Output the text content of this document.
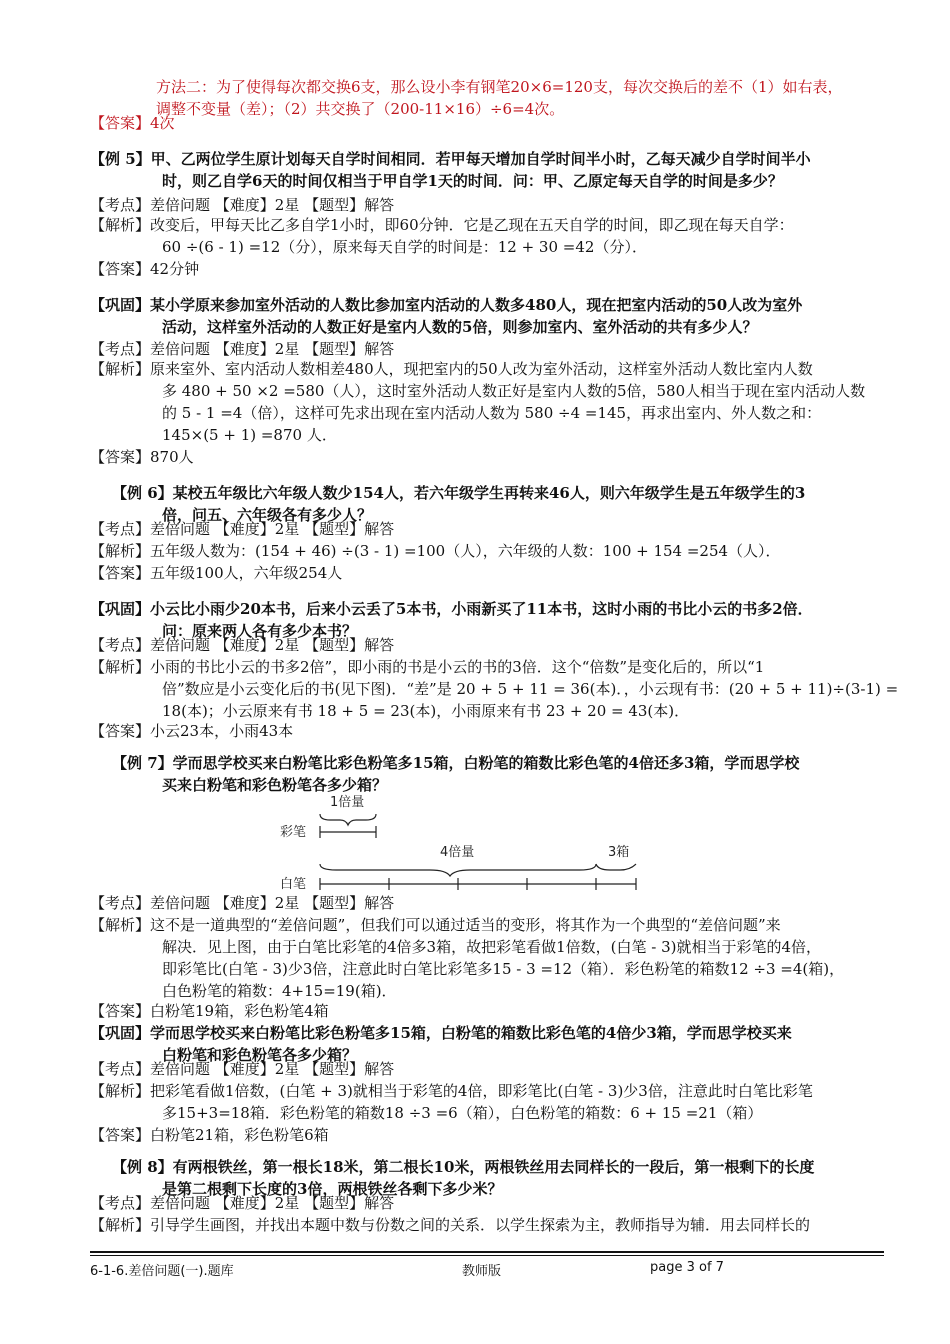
方法二：为了使得每次都交换6支，那么设小李有钢笔20×6=120支，每次交换后的差不（1）如右表，
调整不变量（差）；（2）共交换了（200-11×16）÷6=4次。
【答案】4次
【例 5】甲、乙两位学生原计划每天自学时间相同．若甲每天增加自学时间半小时，乙每天减少自学时间半小
时，则乙自学6天的时间仅相当于甲自学1天的时间．问：甲、乙原定每天自学的时间是多少？
【考点】差倍问题 【难度】2星 【题型】解答
【解析】改变后，甲每天比乙多自学1小时，即60分钟．它是乙现在五天自学的时间，即乙现在每天自学：
60 ÷(6 - 1) =12（分），原来每天自学的时间是：12 + 30 =42（分）．
【答案】42分钟
【巩固】某小学原来参加室外活动的人数比参加室内活动的人数多480人，现在把室内活动的50人改为室外
活动，这样室外活动的人数正好是室内人数的5倍，则参加室内、室外活动的共有多少人？
【考点】差倍问题 【难度】2星 【题型】解答
【解析】原来室外、室内活动人数相差480人，现把室内的50人改为室外活动，这样室外活动人数比室内人数
多 480 + 50 ×2 =580（人），这时室外活动人数正好是室内人数的5倍，580人相当于现在室内活动人数
的 5 - 1 =4（倍），这样可先求出现在室内活动人数为 580 ÷4 =145，再求出室内、外人数之和：
145×(5 + 1) =870 人．
【答案】870人
【例 6】某校五年级比六年级人数少154人，若六年级学生再转来46人，则六年级学生是五年级学生的3
倍，问五、六年级各有多少人？
【考点】差倍问题 【难度】2星 【题型】解答
【解析】五年级人数为：(154 + 46) ÷(3 - 1) =100（人），六年级的人数：100 + 154 =254（人）．
【答案】五年级100人，六年级254人
【巩固】小云比小雨少20本书，后来小云丢了5本书，小雨新买了11本书，这时小雨的书比小云的书多2倍．
问：原来两人各有多少本书？
【考点】差倍问题 【难度】2星 【题型】解答
【解析】小雨的书比小云的书多2倍”，即小雨的书是小云的书的3倍．这个“倍数”是变化后的，所以“1
倍”数应是小云变化后的书(见下图)．“差”是 20 + 5 + 11 = 36(本)．，小云现有书：(20 + 5 + 11)÷(3-1) =
18(本)；小云原来有书 18 + 5 = 23(本)，小雨原来有书 23 + 20 = 43(本)．
【答案】小云23本，小雨43本
【例 7】学而思学校买来白粉笔比彩色粉笔多15箱，白粉笔的箱数比彩色笔的4倍还多3箱，学而思学校
买来白粉笔和彩色粉笔各多少箱？
1倍量
彩笔
4倍量	3箱
白笔
【考点】差倍问题 【难度】2星 【题型】解答
【解析】这不是一道典型的“差倍问题”，但我们可以通过适当的变形，将其作为一个典型的“差倍问题”来
解决．见上图，由于白笔比彩笔的4倍多3箱，故把彩笔看做1倍数，(白笔 - 3)就相当于彩笔的4倍，
即彩笔比(白笔 - 3)少3倍，注意此时白笔比彩笔多15 - 3 =12（箱）．彩色粉笔的箱数12 ÷3 =4(箱)，
白色粉笔的箱数：4+15=19(箱)．
【答案】白粉笔19箱，彩色粉笔4箱
【巩固】学而思学校买来白粉笔比彩色粉笔多15箱，白粉笔的箱数比彩色笔的4倍少3箱，学而思学校买来
白粉笔和彩色粉笔各多少箱？
【考点】差倍问题 【难度】2星 【题型】解答
【解析】把彩笔看做1倍数，(白笔 + 3)就相当于彩笔的4倍，即彩笔比(白笔 - 3)少3倍，注意此时白笔比彩笔
多15+3=18箱．彩色粉笔的箱数18 ÷3 =6（箱），白色粉笔的箱数：6 + 15 =21（箱）
【答案】白粉笔21箱，彩色粉笔6箱
【例 8】有两根铁丝，第一根长18米，第二根长10米，两根铁丝用去同样长的一段后，第一根剩下的长度
是第二根剩下长度的3倍，两根铁丝各剩下多少米？
【考点】差倍问题 【难度】2星 【题型】解答
【解析】引导学生画图，并找出本题中数与份数之间的关系．以学生探索为主，教师指导为辅．用去同样长的
6-1-6.差倍问题(一).题库	教师版	page 3 of 7
